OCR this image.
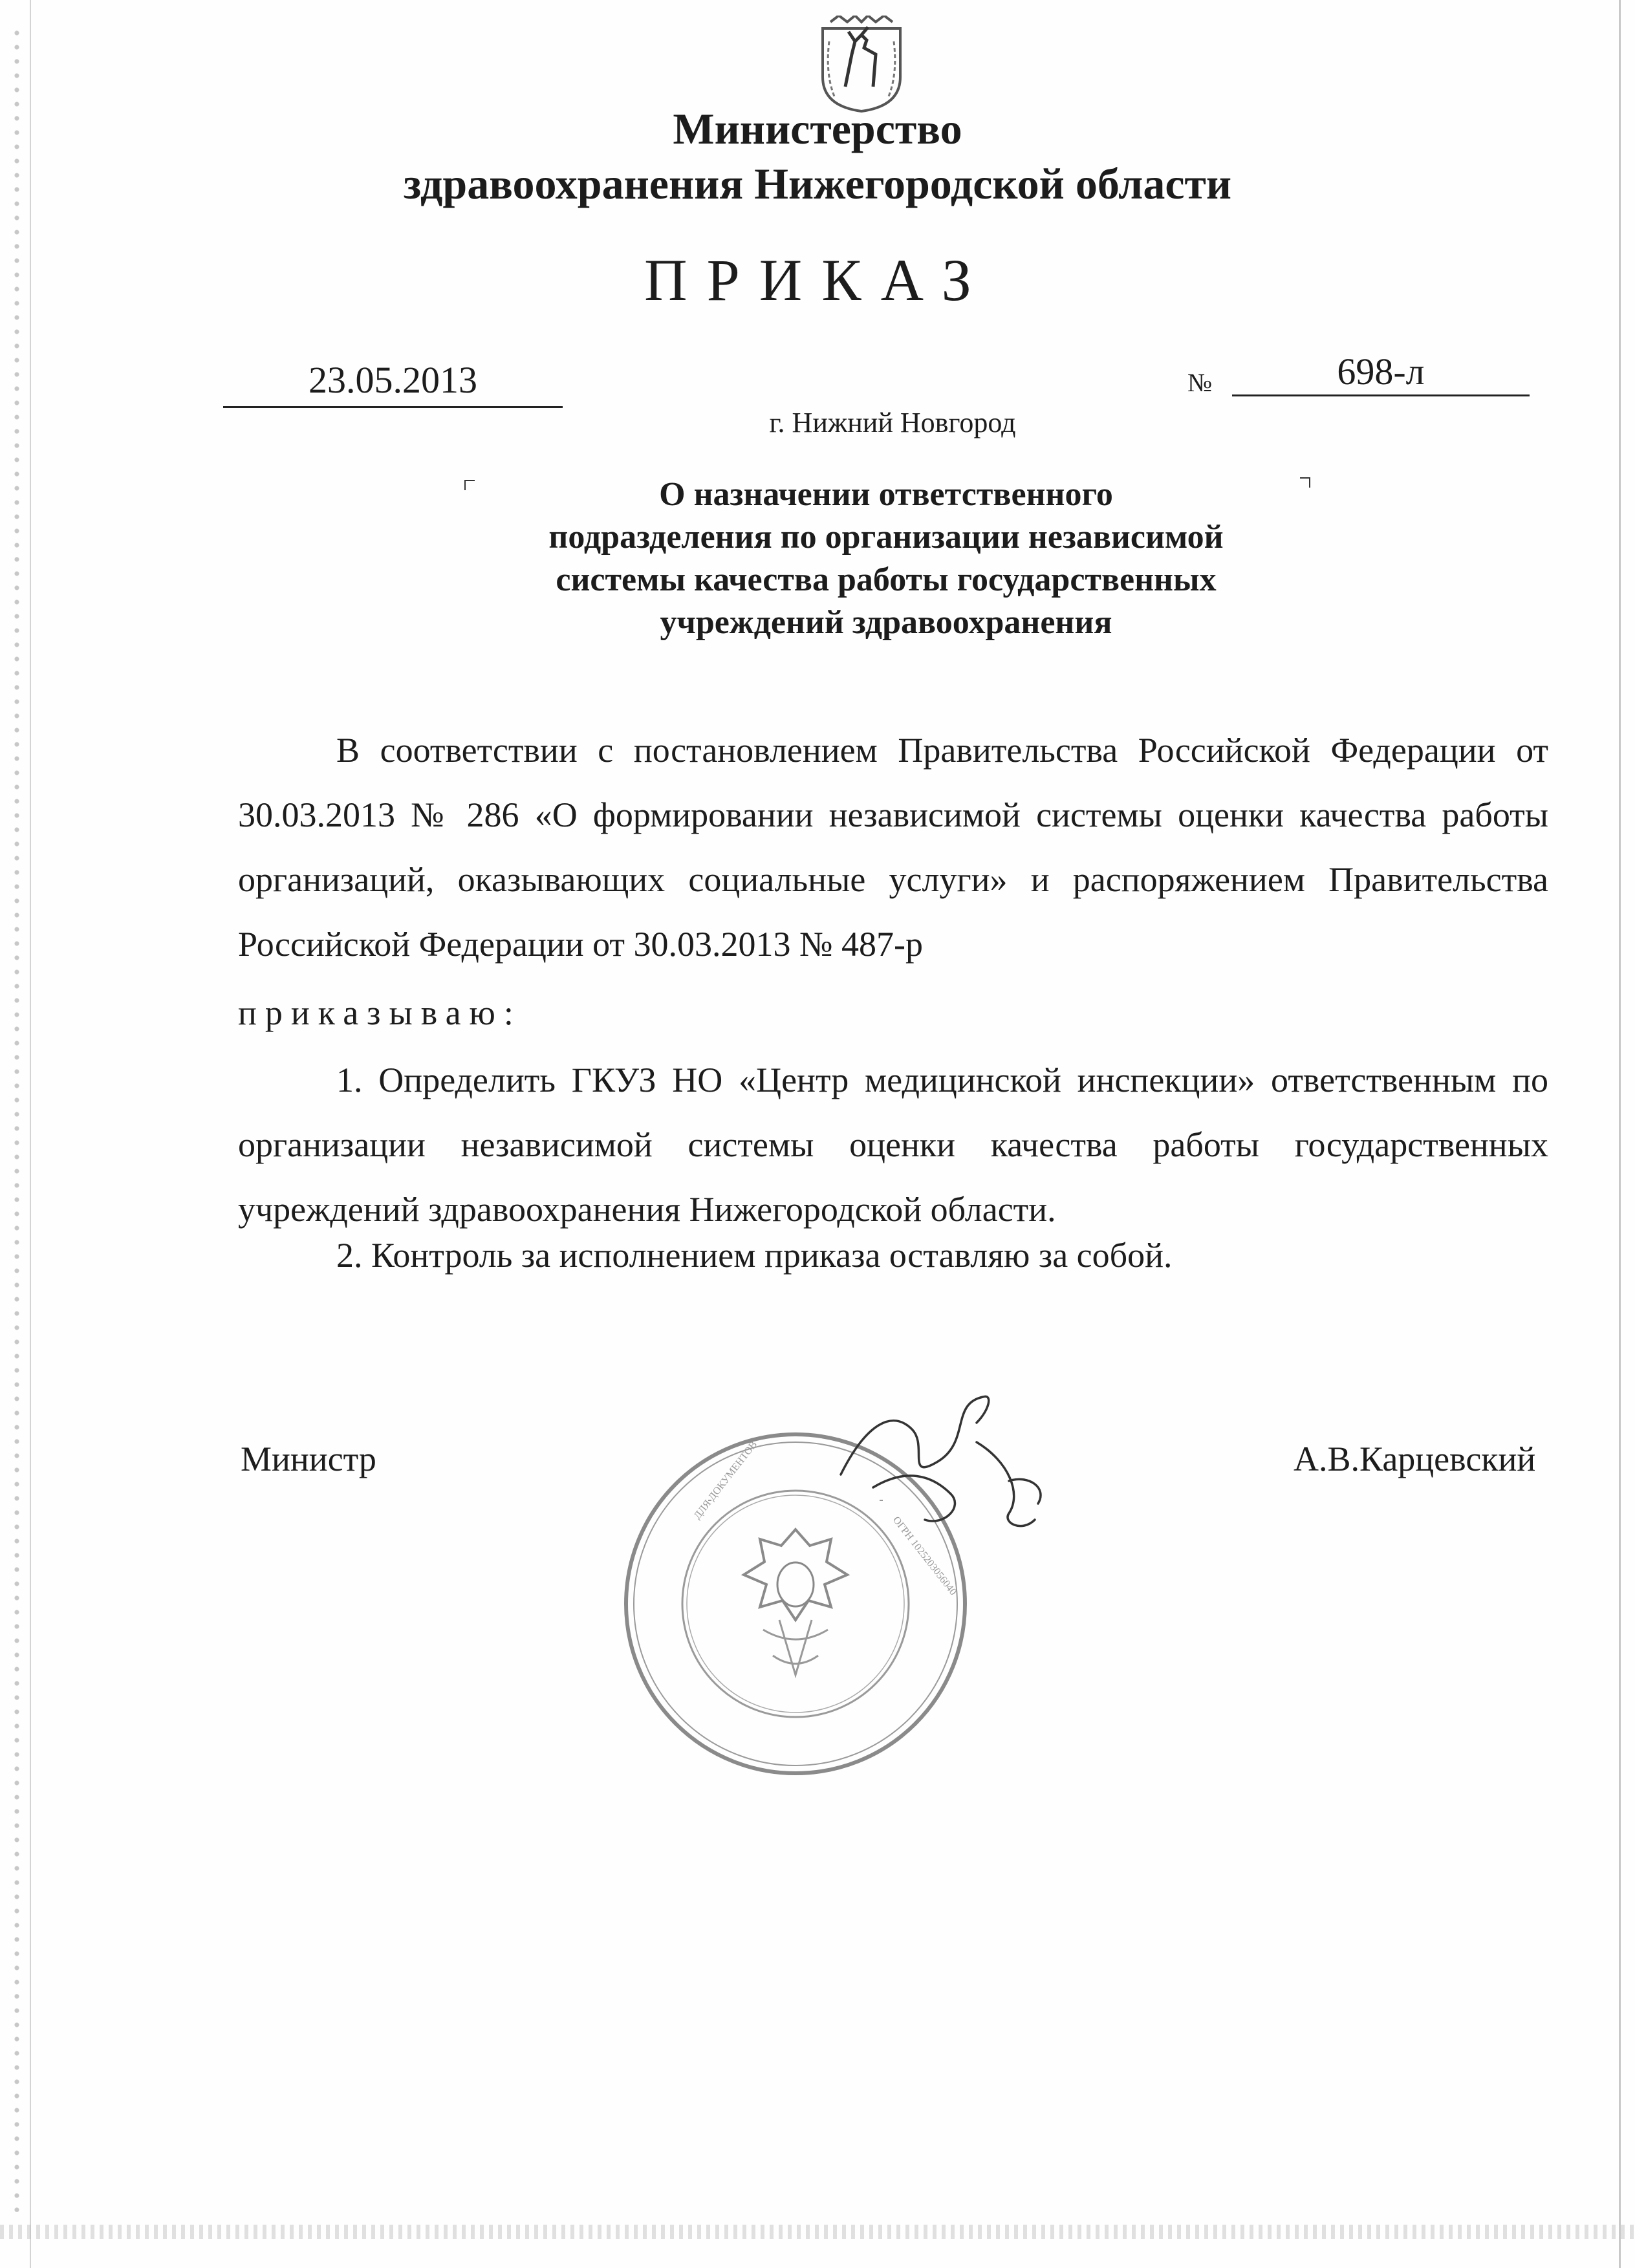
Министерство
здравоохранения Нижегородской области
ПРИКАЗ
23.05.2013	№	698-л
г. Нижний Новгород
О назначении ответственного
подразделения по организации независимой
системы качества работы государственных
учреждений здравоохранения
В соответствии с постановлением Правительства Российской Федерации от 30.03.2013 № 286 «О формировании независимой системы оценки качества работы организаций, оказывающих социальные услуги» и распоряжением Правительства Российской Федерации от 30.03.2013 № 487-р
приказываю:
1. Определить ГКУЗ НО «Центр медицинской инспекции» ответственным по организации независимой системы оценки качества работы государственных учреждений здравоохранения Нижегородской области.
2. Контроль за исполнением приказа оставляю за собой.
Министр	А.В.Карцевский
ДЛЯ ДОКУМЕНТОВ
ОГРН 1025203056040
